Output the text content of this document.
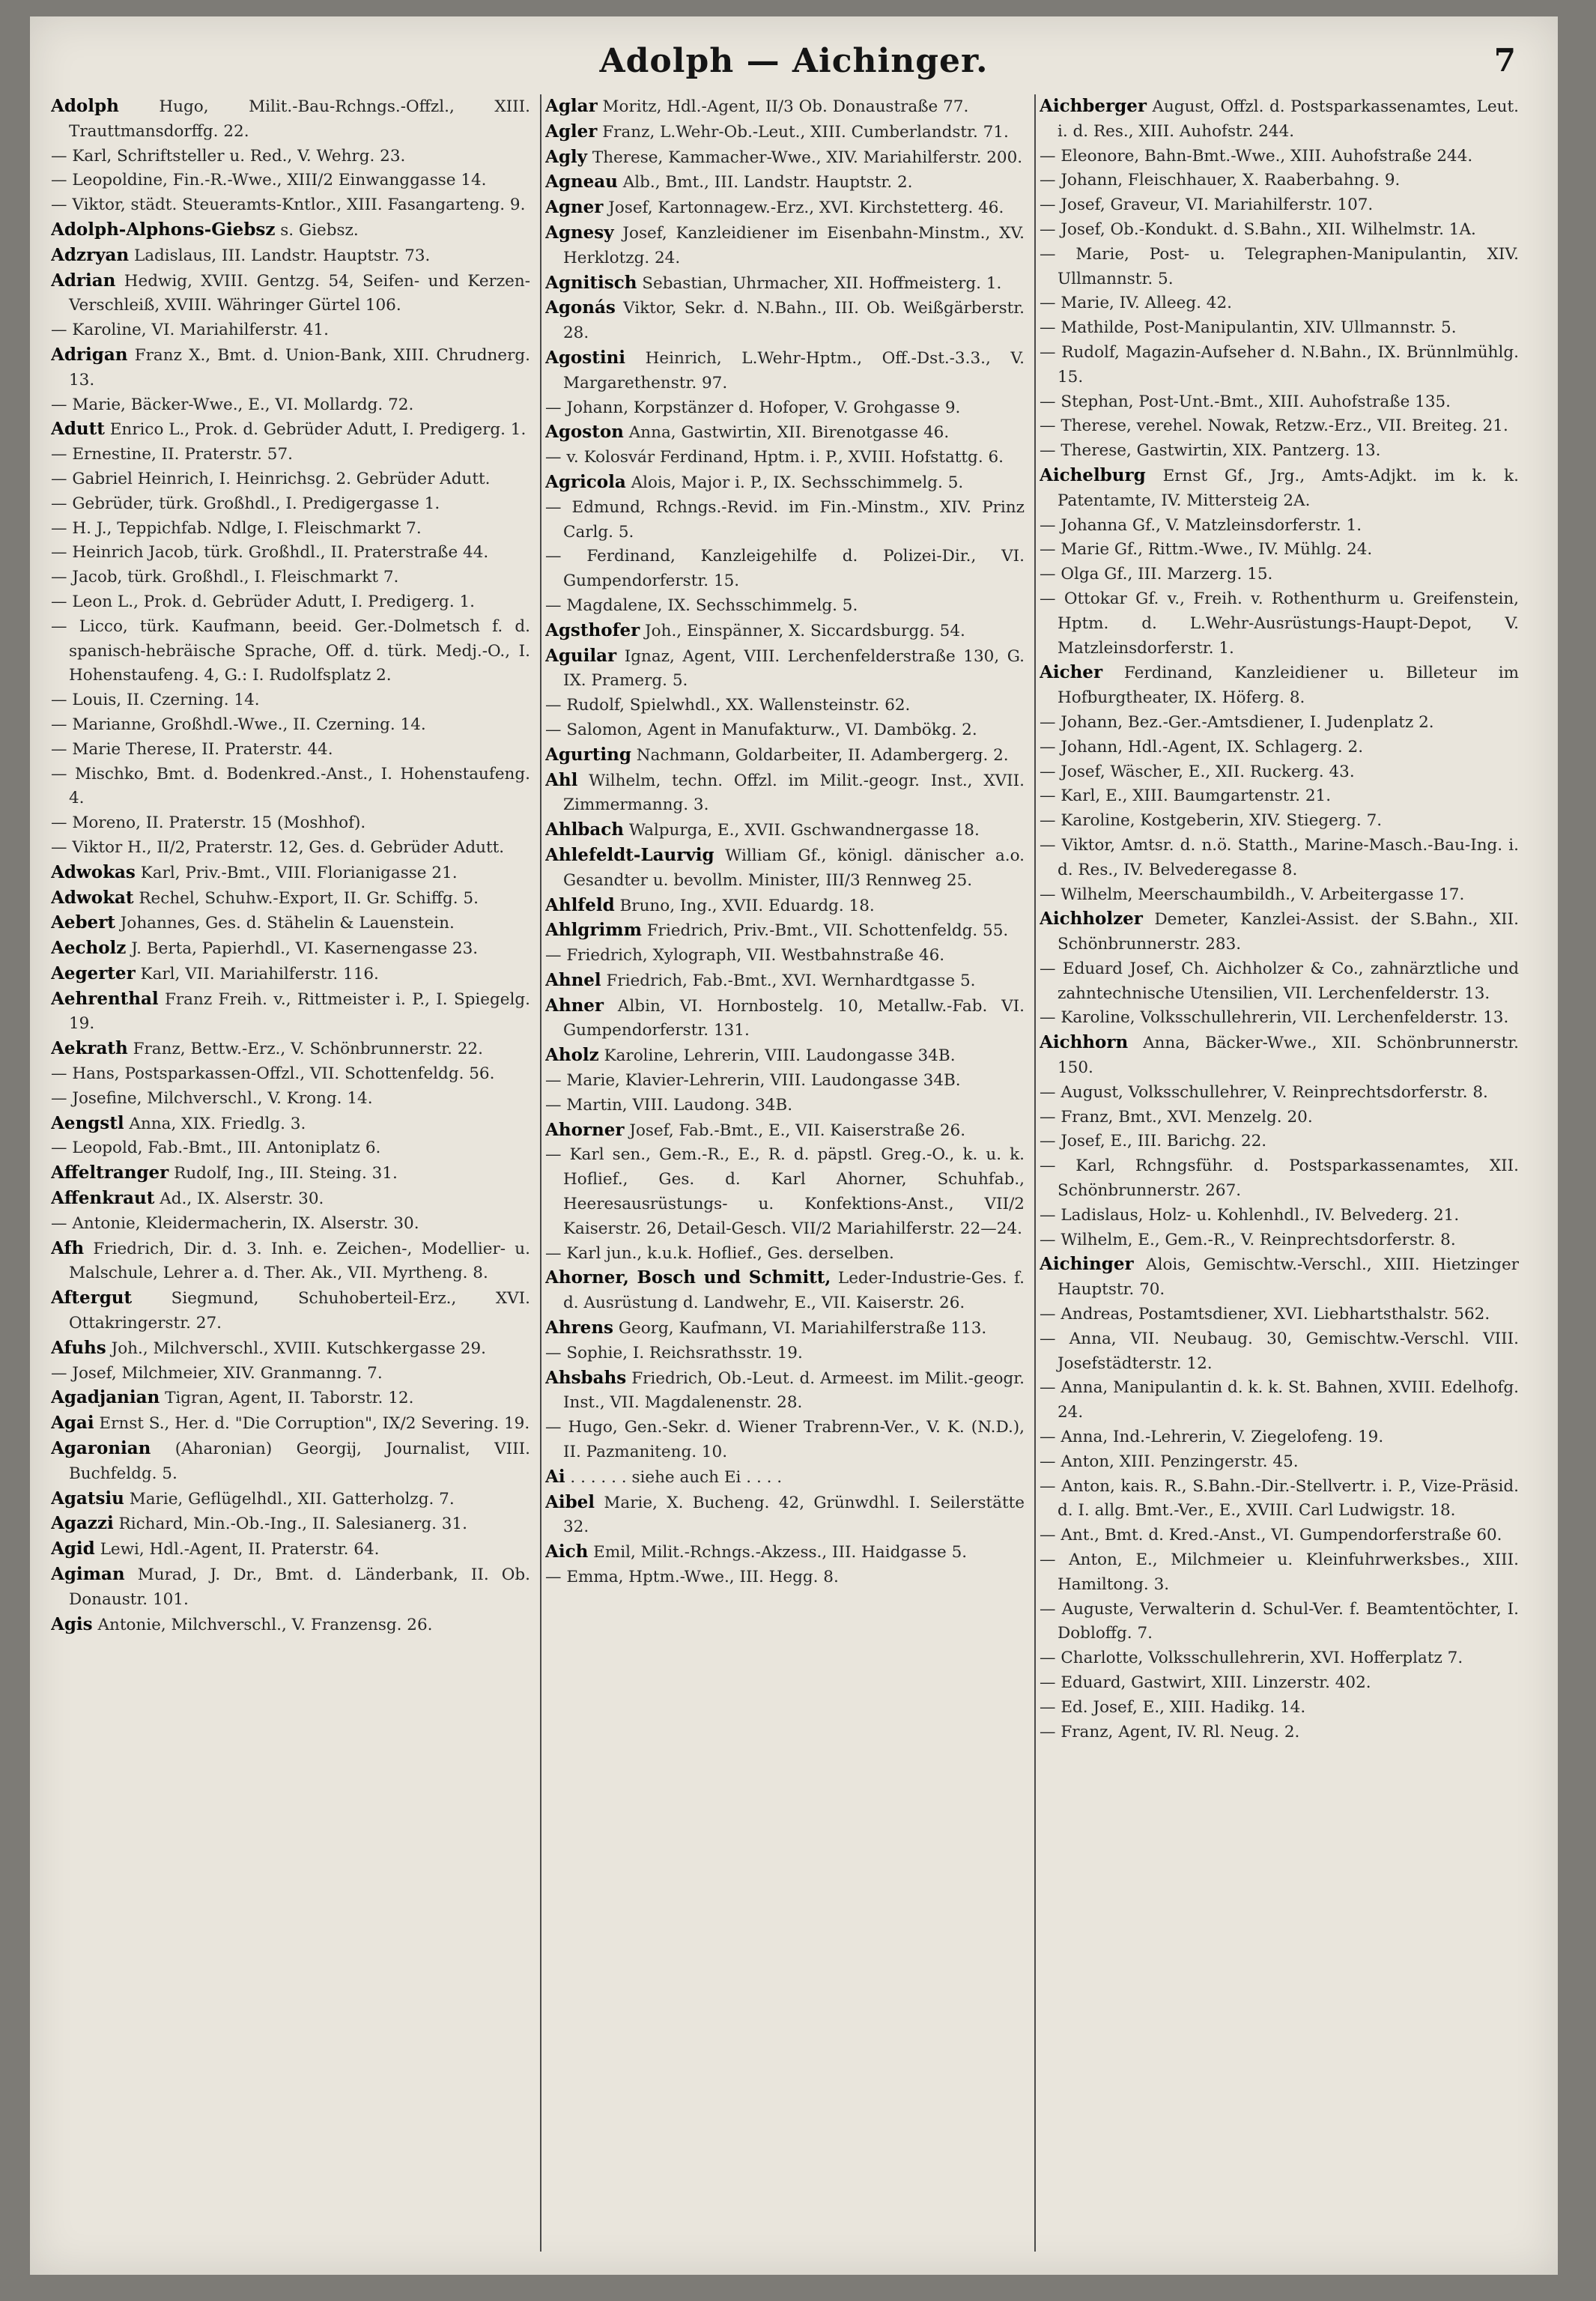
Adolph — Aichinger.	7
Adolph Hugo, Milit.-Bau-Rchngs.-Offzl., XIII. Trauttmansdorffg. 22.
— Karl, Schriftsteller u. Red., V. Wehrg. 23.
— Leopoldine, Fin.-R.-Wwe., XIII/2 Einwanggasse 14.
— Viktor, städt. Steueramts-Kntlor., XIII. Fasangarteng. 9.
Adolph-Alphons-Giebsz s. Giebsz.
Adzryan Ladislaus, III. Landstr. Hauptstr. 73.
Adrian Hedwig, XVIII. Gentzg. 54, Seifen- und Kerzen-Verschleiß, XVIII. Währinger Gürtel 106.
— Karoline, VI. Mariahilferstr. 41.
Adrigan Franz X., Bmt. d. Union-Bank, XIII. Chrudnerg. 13.
— Marie, Bäcker-Wwe., E., VI. Mollardg. 72.
Adutt Enrico L., Prok. d. Gebrüder Adutt, I. Predigerg. 1.
— Ernestine, II. Praterstr. 57.
— Gabriel Heinrich, I. Heinrichsg. 2. Gebrüder Adutt.
— Gebrüder, türk. Großhdl., I. Predigergasse 1.
— H. J., Teppichfab. Ndlge, I. Fleischmarkt 7.
— Heinrich Jacob, türk. Großhdl., II. Praterstraße 44.
— Jacob, türk. Großhdl., I. Fleischmarkt 7.
— Leon L., Prok. d. Gebrüder Adutt, I. Predigerg. 1.
— Licco, türk. Kaufmann, beeid. Ger.-Dolmetsch f. d. spanisch-hebräische Sprache, Off. d. türk. Medj.-O., I. Hohenstaufeng. 4, G.: I. Rudolfsplatz 2.
— Louis, II. Czerning. 14.
— Marianne, Großhdl.-Wwe., II. Czerning. 14.
— Marie Therese, II. Praterstr. 44.
— Mischko, Bmt. d. Bodenkred.-Anst., I. Hohenstaufeng. 4.
— Moreno, II. Praterstr. 15 (Moshhof).
— Viktor H., II/2, Praterstr. 12, Ges. d. Gebrüder Adutt.
Adwokas Karl, Priv.-Bmt., VIII. Florianigasse 21.
Adwokat Rechel, Schuhw.-Export, II. Gr. Schiffg. 5.
Aebert Johannes, Ges. d. Stähelin & Lauenstein.
Aecholz J. Berta, Papierhdl., VI. Kasernengasse 23.
Aegerter Karl, VII. Mariahilferstr. 116.
Aehrenthal Franz Freih. v., Rittmeister i. P., I. Spiegelg. 19.
Aekrath Franz, Bettw.-Erz., V. Schönbrunnerstr. 22.
— Hans, Postsparkassen-Offzl., VII. Schottenfeldg. 56.
— Josefine, Milchverschl., V. Krong. 14.
Aengstl Anna, XIX. Friedlg. 3.
— Leopold, Fab.-Bmt., III. Antoniplatz 6.
Affeltranger Rudolf, Ing., III. Steing. 31.
Affenkraut Ad., IX. Alserstr. 30.
— Antonie, Kleidermacherin, IX. Alserstr. 30.
Afh Friedrich, Dir. d. 3. Inh. e. Zeichen-, Modellier- u. Malschule, Lehrer a. d. Ther. Ak., VII. Myrtheng. 8.
Aftergut Siegmund, Schuhoberteil-Erz., XVI. Ottakringerstr. 27.
Afuhs Joh., Milchverschl., XVIII. Kutschkergasse 29.
— Josef, Milchmeier, XIV. Granmanng. 7.
Agadjanian Tigran, Agent, II. Taborstr. 12.
Agai Ernst S., Her. d. "Die Corruption", IX/2 Severing. 19.
Agaronian (Aharonian) Georgij, Journalist, VIII. Buchfeldg. 5.
Agatsiu Marie, Geflügelhdl., XII. Gatterholzg. 7.
Agazzi Richard, Min.-Ob.-Ing., II. Salesianerg. 31.
Agid Lewi, Hdl.-Agent, II. Praterstr. 64.
Agiman Murad, J. Dr., Bmt. d. Länderbank, II. Ob. Donaustr. 101.
Agis Antonie, Milchverschl., V. Franzensg. 26.
Aglar Moritz, Hdl.-Agent, II/3 Ob. Donaustraße 77.
Agler Franz, L.Wehr-Ob.-Leut., XIII. Cumberlandstr. 71.
Agly Therese, Kammacher-Wwe., XIV. Mariahilferstr. 200.
Agneau Alb., Bmt., III. Landstr. Hauptstr. 2.
Agner Josef, Kartonnagew.-Erz., XVI. Kirchstetterg. 46.
Agnesy Josef, Kanzleidiener im Eisenbahn-Minstm., XV. Herklotzg. 24.
Agnitisch Sebastian, Uhrmacher, XII. Hoffmeisterg. 1.
Agonás Viktor, Sekr. d. N.Bahn., III. Ob. Weißgärberstr. 28.
Agostini Heinrich, L.Wehr-Hptm., Off.-Dst.-3.3., V. Margarethenstr. 97.
— Johann, Korpstänzer d. Hofoper, V. Grohgasse 9.
Agoston Anna, Gastwirtin, XII. Birenotgasse 46.
— v. Kolosvár Ferdinand, Hptm. i. P., XVIII. Hofstattg. 6.
Agricola Alois, Major i. P., IX. Sechsschimmelg. 5.
— Edmund, Rchngs.-Revid. im Fin.-Minstm., XIV. Prinz Carlg. 5.
— Ferdinand, Kanzleigehilfe d. Polizei-Dir., VI. Gumpendorferstr. 15.
— Magdalene, IX. Sechsschimmelg. 5.
Agsthofer Joh., Einspänner, X. Siccardsburgg. 54.
Aguilar Ignaz, Agent, VIII. Lerchenfelderstraße 130, G. IX. Pramerg. 5.
— Rudolf, Spielwhdl., XX. Wallensteinstr. 62.
— Salomon, Agent in Manufakturw., VI. Dambökg. 2.
Agurting Nachmann, Goldarbeiter, II. Adambergerg. 2.
Ahl Wilhelm, techn. Offzl. im Milit.-geogr. Inst., XVII. Zimmermanng. 3.
Ahlbach Walpurga, E., XVII. Gschwandnergasse 18.
Ahlefeldt-Laurvig William Gf., königl. dänischer a.o. Gesandter u. bevollm. Minister, III/3 Rennweg 25.
Ahlfeld Bruno, Ing., XVII. Eduardg. 18.
Ahlgrimm Friedrich, Priv.-Bmt., VII. Schottenfeldg. 55.
— Friedrich, Xylograph, VII. Westbahnstraße 46.
Ahnel Friedrich, Fab.-Bmt., XVI. Wernhardtgasse 5.
Ahner Albin, VI. Hornbostelg. 10, Metallw.-Fab. VI. Gumpendorferstr. 131.
Aholz Karoline, Lehrerin, VIII. Laudongasse 34B.
— Marie, Klavier-Lehrerin, VIII. Laudongasse 34B.
— Martin, VIII. Laudong. 34B.
Ahorner Josef, Fab.-Bmt., E., VII. Kaiserstraße 26.
— Karl sen., Gem.-R., E., R. d. päpstl. Greg.-O., k. u. k. Hoflief., Ges. d. Karl Ahorner, Schuhfab., Heeresausrüstungs- u. Konfektions-Anst., VII/2 Kaiserstr. 26, Detail-Gesch. VII/2 Mariahilferstr. 22—24.
— Karl jun., k.u.k. Hoflief., Ges. derselben.
Ahorner, Bosch und Schmitt, Leder-Industrie-Ges. f. d. Ausrüstung d. Landwehr, E., VII. Kaiserstr. 26.
Ahrens Georg, Kaufmann, VI. Mariahilferstraße 113.
— Sophie, I. Reichsrathsstr. 19.
Ahsbahs Friedrich, Ob.-Leut. d. Armeest. im Milit.-geogr. Inst., VII. Magdalenenstr. 28.
— Hugo, Gen.-Sekr. d. Wiener Trabrenn-Ver., V. K. (N.D.), II. Pazmaniteng. 10.
Ai . . . . . . siehe auch Ei . . . .
Aibel Marie, X. Bucheng. 42, Grünwdhl. I. Seilerstätte 32.
Aich Emil, Milit.-Rchngs.-Akzess., III. Haidgasse 5.
— Emma, Hptm.-Wwe., III. Hegg. 8.
Aichberger August, Offzl. d. Postsparkassenamtes, Leut. i. d. Res., XIII. Auhofstr. 244.
— Eleonore, Bahn-Bmt.-Wwe., XIII. Auhofstraße 244.
— Johann, Fleischhauer, X. Raaberbahng. 9.
— Josef, Graveur, VI. Mariahilferstr. 107.
— Josef, Ob.-Kondukt. d. S.Bahn., XII. Wilhelmstr. 1A.
— Marie, Post- u. Telegraphen-Manipulantin, XIV. Ullmannstr. 5.
— Marie, IV. Alleeg. 42.
— Mathilde, Post-Manipulantin, XIV. Ullmannstr. 5.
— Rudolf, Magazin-Aufseher d. N.Bahn., IX. Brünnlmühlg. 15.
— Stephan, Post-Unt.-Bmt., XIII. Auhofstraße 135.
— Therese, verehel. Nowak, Retzw.-Erz., VII. Breiteg. 21.
— Therese, Gastwirtin, XIX. Pantzerg. 13.
Aichelburg Ernst Gf., Jrg., Amts-Adjkt. im k. k. Patentamte, IV. Mittersteig 2A.
— Johanna Gf., V. Matzleinsdorferstr. 1.
— Marie Gf., Rittm.-Wwe., IV. Mühlg. 24.
— Olga Gf., III. Marzerg. 15.
— Ottokar Gf. v., Freih. v. Rothenthurm u. Greifenstein, Hptm. d. L.Wehr-Ausrüstungs-Haupt-Depot, V. Matzleinsdorferstr. 1.
Aicher Ferdinand, Kanzleidiener u. Billeteur im Hofburgtheater, IX. Höferg. 8.
— Johann, Bez.-Ger.-Amtsdiener, I. Judenplatz 2.
— Johann, Hdl.-Agent, IX. Schlagerg. 2.
— Josef, Wäscher, E., XII. Ruckerg. 43.
— Karl, E., XIII. Baumgartenstr. 21.
— Karoline, Kostgeberin, XIV. Stiegerg. 7.
— Viktor, Amtsr. d. n.ö. Statth., Marine-Masch.-Bau-Ing. i. d. Res., IV. Belvederegasse 8.
— Wilhelm, Meerschaumbildh., V. Arbeitergasse 17.
Aichholzer Demeter, Kanzlei-Assist. der S.Bahn., XII. Schönbrunnerstr. 283.
— Eduard Josef, Ch. Aichholzer & Co., zahnärztliche und zahntechnische Utensilien, VII. Lerchenfelderstr. 13.
— Karoline, Volksschullehrerin, VII. Lerchenfelderstr. 13.
Aichhorn Anna, Bäcker-Wwe., XII. Schönbrunnerstr. 150.
— August, Volksschullehrer, V. Reinprechtsdorferstr. 8.
— Franz, Bmt., XVI. Menzelg. 20.
— Josef, E., III. Barichg. 22.
— Karl, Rchngsführ. d. Postsparkassenamtes, XII. Schönbrunnerstr. 267.
— Ladislaus, Holz- u. Kohlenhdl., IV. Belvederg. 21.
— Wilhelm, E., Gem.-R., V. Reinprechtsdorferstr. 8.
Aichinger Alois, Gemischtw.-Verschl., XIII. Hietzinger Hauptstr. 70.
— Andreas, Postamtsdiener, XVI. Liebhartsthalstr. 562.
— Anna, VII. Neubaug. 30, Gemischtw.-Verschl. VIII. Josefstädterstr. 12.
— Anna, Manipulantin d. k. k. St. Bahnen, XVIII. Edelhofg. 24.
— Anna, Ind.-Lehrerin, V. Ziegelofeng. 19.
— Anton, XIII. Penzingerstr. 45.
— Anton, kais. R., S.Bahn.-Dir.-Stellvertr. i. P., Vize-Präsid. d. I. allg. Bmt.-Ver., E., XVIII. Carl Ludwigstr. 18.
— Ant., Bmt. d. Kred.-Anst., VI. Gumpendorferstraße 60.
— Anton, E., Milchmeier u. Kleinfuhrwerksbes., XIII. Hamiltong. 3.
— Auguste, Verwalterin d. Schul-Ver. f. Beamtentöchter, I. Dobloffg. 7.
— Charlotte, Volksschullehrerin, XVI. Hofferplatz 7.
— Eduard, Gastwirt, XIII. Linzerstr. 402.
— Ed. Josef, E., XIII. Hadikg. 14.
— Franz, Agent, IV. Rl. Neug. 2.
